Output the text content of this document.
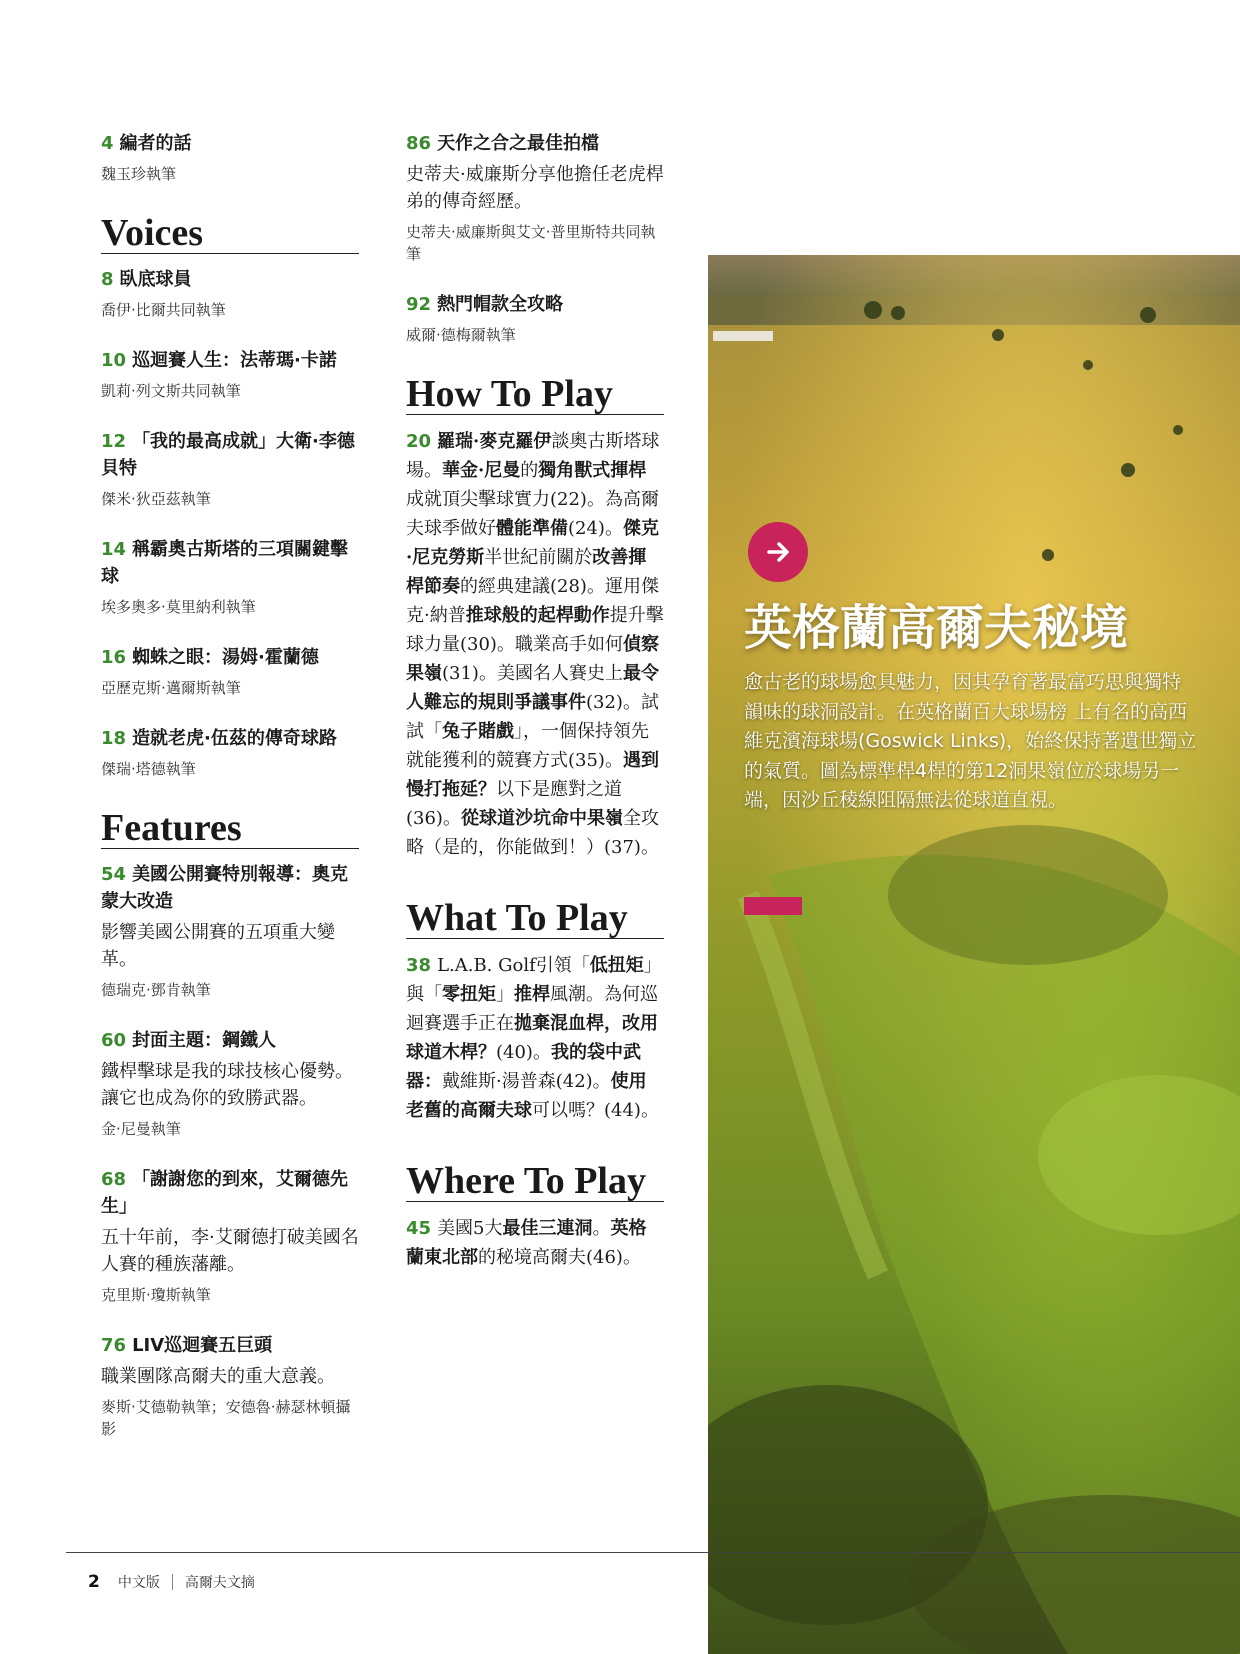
4 編者的話
魏玉珍執筆
Voices
8 臥底球員
喬伊·比爾共同執筆
10 巡迴賽人生：法蒂瑪·卡諾
凱莉·列文斯共同執筆
12 「我的最高成就」大衛·李德貝特
傑米·狄亞茲執筆
14 稱霸奧古斯塔的三項關鍵擊球
埃多奧多·莫里納利執筆
16 蜘蛛之眼：湯姆·霍蘭德
亞歷克斯·邁爾斯執筆
18 造就老虎·伍茲的傳奇球路
傑瑞·塔德執筆
Features
54 美國公開賽特別報導：奧克蒙大改造
影響美國公開賽的五項重大變革。
德瑞克·鄧肯執筆
60 封面主題：鋼鐵人
鐵桿擊球是我的球技核心優勢。讓它也成為你的致勝武器。
金·尼曼執筆
68 「謝謝您的到來，艾爾德先生」
五十年前，李·艾爾德打破美國名人賽的種族藩離。
克里斯·瓊斯執筆
76 LIV巡迴賽五巨頭
職業團隊高爾夫的重大意義。
麥斯·艾德勒執筆；安德魯·赫瑟林頓攝影
86 天作之合之最佳拍檔
史蒂夫·威廉斯分享他擔任老虎桿弟的傳奇經歷。
史蒂夫·威廉斯與艾文·普里斯特共同執筆
92 熱門帽款全攻略
威爾·德梅爾執筆
How To Play
20 羅瑞·麥克羅伊談奧古斯塔球場。華金·尼曼的獨角獸式揮桿成就頂尖擊球實力(22)。為高爾夫球季做好體能準備(24)。傑克·尼克勞斯半世紀前關於改善揮桿節奏的經典建議(28)。運用傑克·納普推球般的起桿動作提升擊球力量(30)。職業高手如何偵察果嶺(31)。美國名人賽史上最令人難忘的規則爭議事件(32)。試試「兔子賭戲」，一個保持領先就能獲利的競賽方式(35)。遇到慢打拖延？以下是應對之道(36)。從球道沙坑命中果嶺全攻略（是的，你能做到！）(37)。
What To Play
38 L.A.B. Golf引領「低扭矩」與「零扭矩」推桿風潮。為何巡迴賽選手正在拋棄混血桿，改用球道木桿？(40)。我的袋中武器：戴維斯·湯普森(42)。使用老舊的高爾夫球可以嗎？(44)。
Where To Play
45 美國5大最佳三連洞。英格蘭東北部的秘境高爾夫(46)。
英格蘭高爾夫秘境
愈古老的球場愈具魅力，因其孕育著最富巧思與獨特韻味的球洞設計。在英格蘭百大球場榜 上有名的高西維克濱海球場(Goswick Links)，始終保持著遺世獨立的氣質。圖為標準桿4桿的第12洞果嶺位於球場另一端，因沙丘稜線阻隔無法從球道直視。
2 中文版 高爾夫文摘
